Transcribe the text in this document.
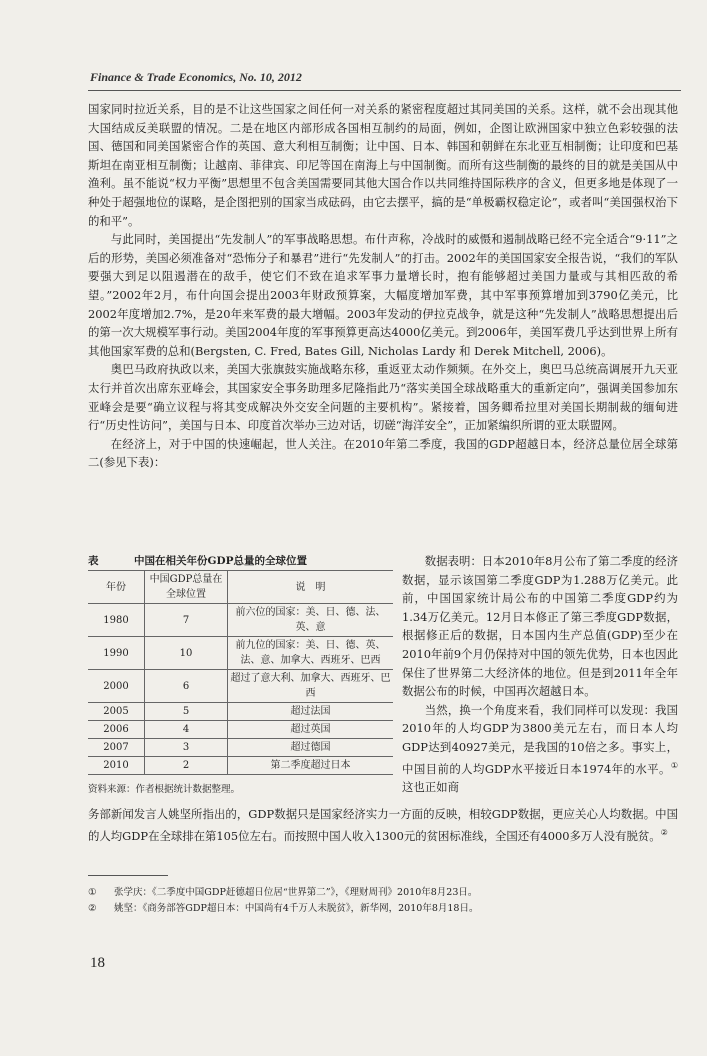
Finance & Trade Economics, No. 10, 2012

国家同时拉近关系，目的是不让这些国家之间任何一对关系的紧密程度超过其同美国的关系。这样，就不会出现其他大国结成反美联盟的情况。二是在地区内部形成各国相互制约的局面，例如，企图让欧洲国家中独立色彩较强的法国、德国和同美国紧密合作的英国、意大利相互制衡；让中国、日本、韩国和朝鲜在东北亚互相制衡；让印度和巴基斯坦在南亚相互制衡；让越南、菲律宾、印尼等国在南海上与中国制衡。而所有这些制衡的最终的目的就是美国从中渔利。虽不能说“权力平衡”思想里不包含美国需要同其他大国合作以共同维持国际秩序的含义，但更多地是体现了一种处于超强地位的谋略，是企图把别的国家当成砝码，由它去摆平，搞的是“单极霸权稳定论”，或者叫“美国强权治下的和平”。

与此同时，美国提出“先发制人”的军事战略思想。布什声称，冷战时的威慑和遏制战略已经不完全适合“9·11”之后的形势，美国必须准备对“恐怖分子和暴君”进行“先发制人”的打击。2002年的美国国家安全报告说，“我们的军队要强大到足以阻遏潜在的敌手，使它们不致在追求军事力量增长时，抱有能够超过美国力量或与其相匹敌的希望。”2002年2月，布什向国会提出2003年财政预算案，大幅度增加军费，其中军事预算增加到3790亿美元，比2002年度增加2.7%，是20年来军费的最大增幅。2003年发动的伊拉克战争，就是这种“先发制人”战略思想提出后的第一次大规模军事行动。美国2004年度的军事预算更高达4000亿美元。到2006年，美国军费几乎达到世界上所有其他国家军费的总和(Bergsten, C. Fred, Bates Gill, Nicholas Lardy 和 Derek Mitchell, 2006)。

奥巴马政府执政以来，美国大张旗鼓实施战略东移，重返亚太动作频频。在外交上，奥巴马总统高调展开九天亚太行并首次出席东亚峰会，其国家安全事务助理多尼隆指此乃“落实美国全球战略重大的重新定向”，强调美国参加东亚峰会是要“确立议程与将其变成解决外交安全问题的主要机构”。紧接着，国务卿希拉里对美国长期制裁的缅甸进行“历史性访问”，美国与日本、印度首次举办三边对话，切磋“海洋安全”，正加紧编织所谓的亚太联盟网。

在经济上，对于中国的快速崛起，世人关注。在2010年第二季度，我国的GDP超越日本，经济总量位居全球第二(参见下表)：

表	中国在相关年份GDP总量的全球位置
年份	中国GDP总量在全球位置	说　明
1980	7	前六位的国家：美、日、德、法、英、意
1990	10	前九位的国家：美、日、德、英、法、意、加拿大、西班牙、巴西
2000	6	超过了意大利、加拿大、西班牙、巴西
2005	5	超过法国
2006	4	超过英国
2007	3	超过德国
2010	2	第二季度超过日本
资料来源：作者根据统计数据整理。

数据表明：日本2010年8月公布了第二季度的经济数据，显示该国第二季度GDP为1.288万亿美元。此前，中国国家统计局公布的中国第二季度GDP约为1.34万亿美元。12月日本修正了第三季度GDP数据，根据修正后的数据，日本国内生产总值(GDP)至少在2010年前9个月仍保持对中国的领先优势，日本也因此保住了世界第二大经济体的地位。但是到2011年全年数据公布的时候，中国再次超越日本。

当然，换一个角度来看，我们同样可以发现：我国2010年的人均GDP为3800美元左右，而日本人均GDP达到40927美元，是我国的10倍之多。事实上，中国目前的人均GDP水平接近日本1974年的水平。①这也正如商

务部新闻发言人姚坚所指出的，GDP数据只是国家经济实力一方面的反映，相较GDP数据，更应关心人均数据。中国的人均GDP在全球排在第105位左右。而按照中国人收入1300元的贫困标准线，全国还有4000多万人没有脱贫。②

① 张学庆：《二季度中国GDP赶德超日位居“世界第二”》，《理财周刊》2010年8月23日。
② 姚坚：《商务部答GDP超日本：中国尚有4千万人未脱贫》，新华网，2010年8月18日。
18
